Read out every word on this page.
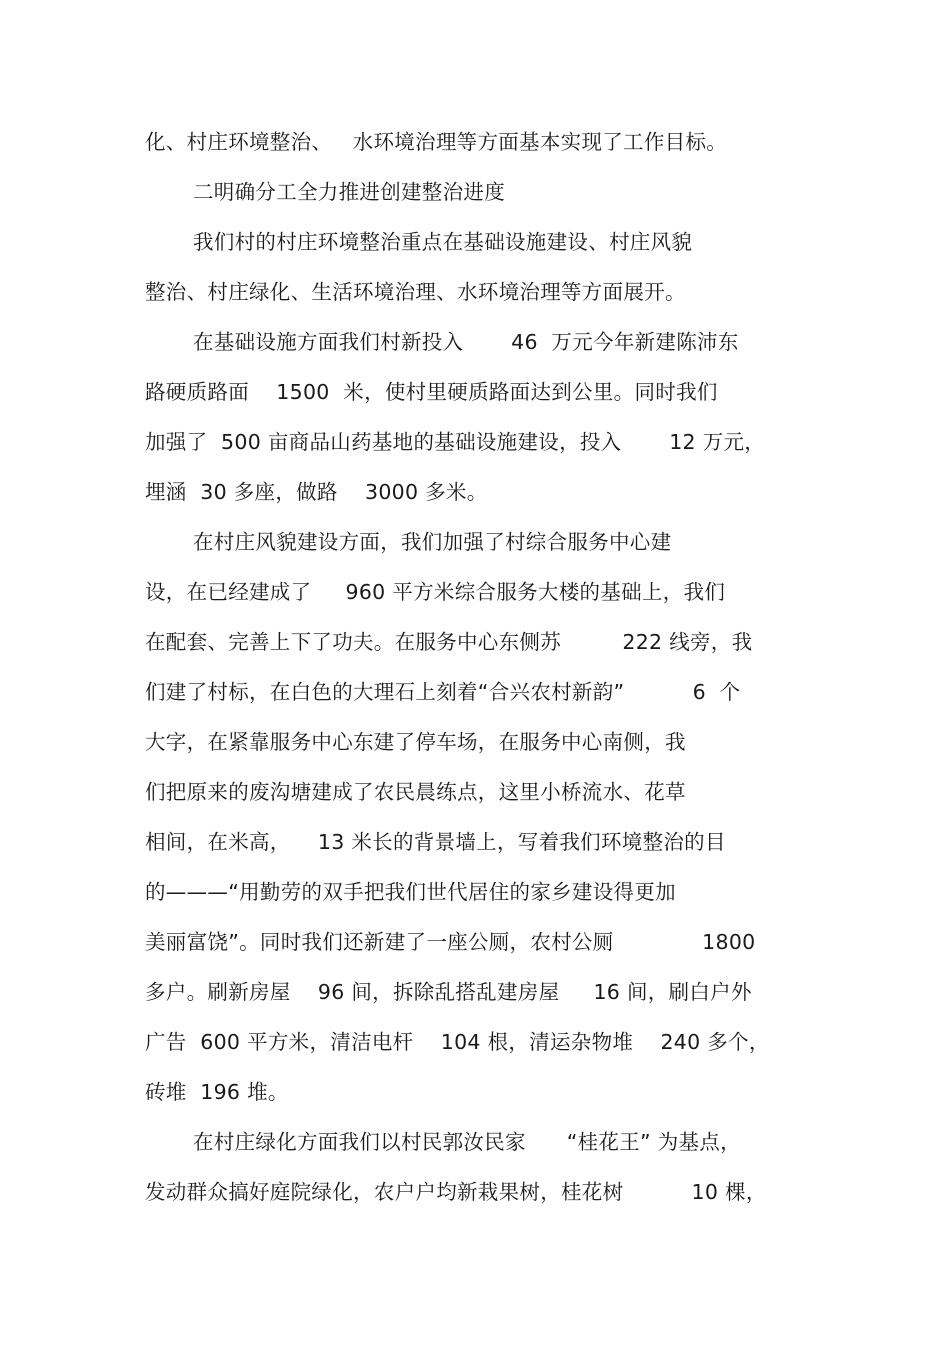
化、村庄环境整治、   水环境治理等方面基本实现了工作目标。
二明确分工全力推进创建整治进度
我们村的村庄环境整治重点在基础设施建设、村庄风貌
整治、村庄绿化、生活环境治理、水环境治理等方面展开。
在基础设施方面我们村新投入       46  万元今年新建陈沛东
路硬质路面    1500  米，使村里硬质路面达到公里。同时我们
加强了  500 亩商品山药基地的基础设施建设，投入       12 万元，
埋涵  30 多座，做路    3000 多米。
在村庄风貌建设方面，我们加强了村综合服务中心建
设，在已经建成了     960 平方米综合服务大楼的基础上，我们
在配套、完善上下了功夫。在服务中心东侧苏         222 线旁，我
们建了村标，在白色的大理石上刻着“合兴农村新韵”          6  个
大字，在紧靠服务中心东建了停车场，在服务中心南侧，我
们把原来的废沟塘建成了农民晨练点，这里小桥流水、花草
相间，在米高，    13 米长的背景墙上，写着我们环境整治的目
的———“用勤劳的双手把我们世代居住的家乡建设得更加
美丽富饶”。同时我们还新建了一座公厕，农村公厕             1800
多户。刷新房屋    96 间，拆除乱搭乱建房屋     16 间，刷白户外
广告  600 平方米，清洁电杆    104 根，清运杂物堆    240 多个，
砖堆  196 堆。
在村庄绿化方面我们以村民郭汝民家      “桂花王” 为基点，
发动群众搞好庭院绿化，农户户均新栽果树，桂花树          10 棵，
